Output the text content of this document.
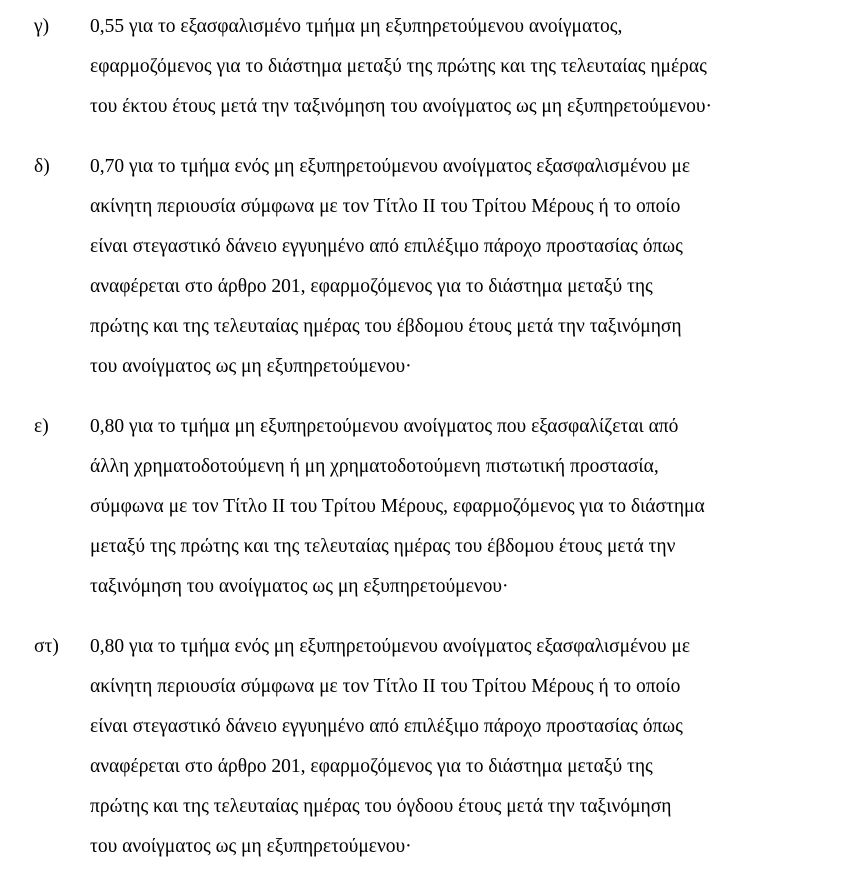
γ) 0,55 για το εξασφαλισμένο τμήμα μη εξυπηρετούμενου ανοίγματος,
εφαρμοζόμενος για το διάστημα μεταξύ της πρώτης και της τελευταίας ημέρας
του έκτου έτους μετά την ταξινόμηση του ανοίγματος ως μη εξυπηρετούμενου·
δ) 0,70 για το τμήμα ενός μη εξυπηρετούμενου ανοίγματος εξασφαλισμένου με
ακίνητη περιουσία σύμφωνα με τον Τίτλο II του Τρίτου Μέρους ή το οποίο
είναι στεγαστικό δάνειο εγγυημένο από επιλέξιμο πάροχο προστασίας όπως
αναφέρεται στο άρθρο 201, εφαρμοζόμενος για το διάστημα μεταξύ της
πρώτης και της τελευταίας ημέρας του έβδομου έτους μετά την ταξινόμηση
του ανοίγματος ως μη εξυπηρετούμενου·
ε) 0,80 για το τμήμα μη εξυπηρετούμενου ανοίγματος που εξασφαλίζεται από
άλλη χρηματοδοτούμενη ή μη χρηματοδοτούμενη πιστωτική προστασία,
σύμφωνα με τον Τίτλο II του Τρίτου Μέρους, εφαρμοζόμενος για το διάστημα
μεταξύ της πρώτης και της τελευταίας ημέρας του έβδομου έτους μετά την
ταξινόμηση του ανοίγματος ως μη εξυπηρετούμενου·
στ) 0,80 για το τμήμα ενός μη εξυπηρετούμενου ανοίγματος εξασφαλισμένου με
ακίνητη περιουσία σύμφωνα με τον Τίτλο II του Τρίτου Μέρους ή το οποίο
είναι στεγαστικό δάνειο εγγυημένο από επιλέξιμο πάροχο προστασίας όπως
αναφέρεται στο άρθρο 201, εφαρμοζόμενος για το διάστημα μεταξύ της
πρώτης και της τελευταίας ημέρας του όγδοου έτους μετά την ταξινόμηση
του ανοίγματος ως μη εξυπηρετούμενου·
